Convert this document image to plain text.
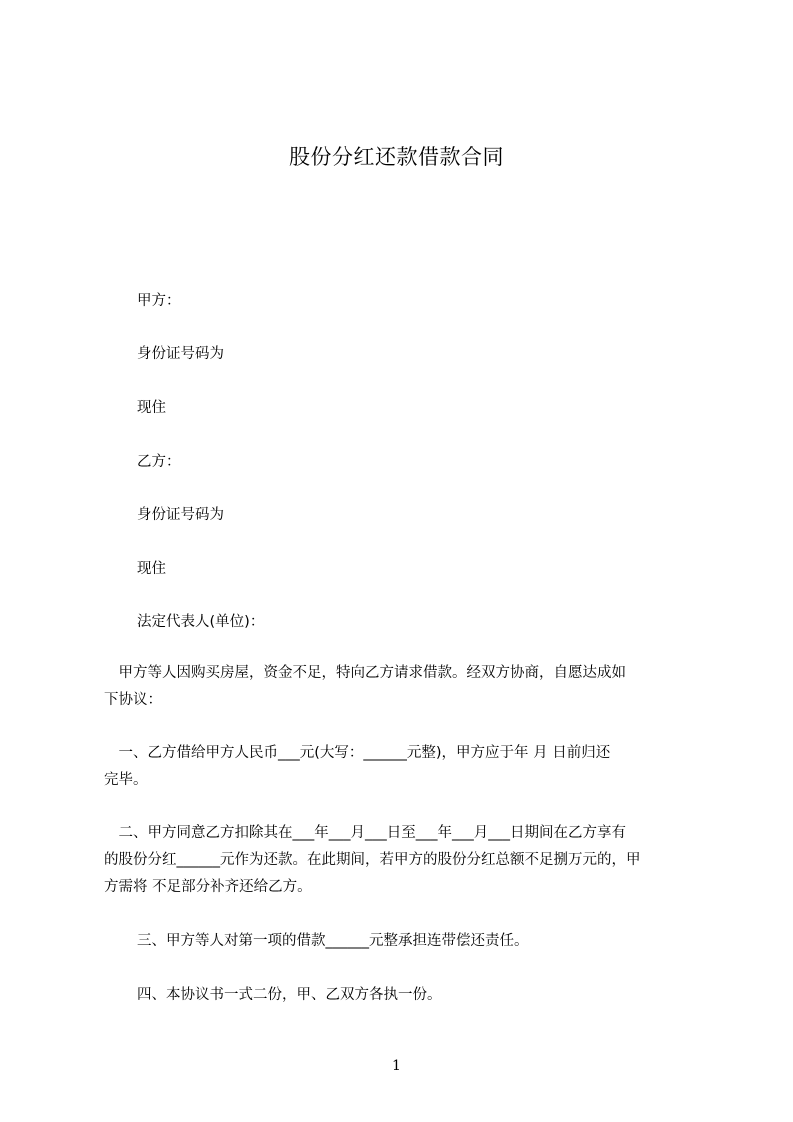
股份分红还款借款合同
甲方：
身份证号码为
现住
乙方：
身份证号码为
现住
法定代表人(单位)：
　甲方等人因购买房屋，资金不足，特向乙方请求借款。经双方协商，自愿达成如
下协议：
　一、乙方借给甲方人民币___元(大写：______元整)，甲方应于年 月 日前归还
完毕。
　二、甲方同意乙方扣除其在___年___月___日至___年___月___日期间在乙方享有
的股份分红______元作为还款。在此期间，若甲方的股份分红总额不足捌万元的，甲
方需将 不足部分补齐还给乙方。
三、甲方等人对第一项的借款______元整承担连带偿还责任。
四、本协议书一式二份，甲、乙双方各执一份。
1
